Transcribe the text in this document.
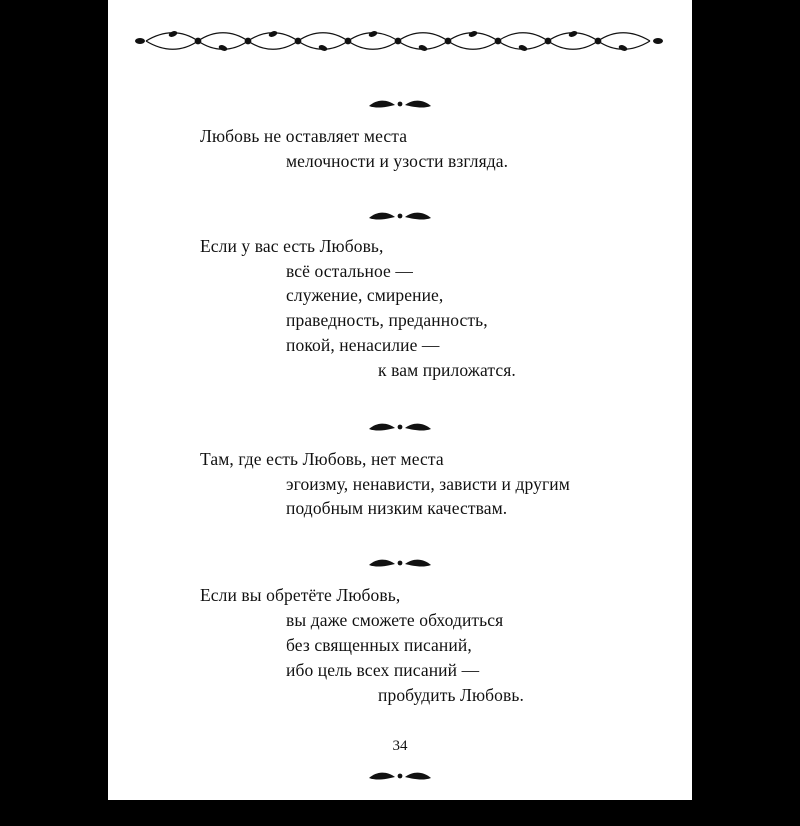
Любовь не оставляет места
мелочности и узости взгляда.
Если у вас есть Любовь,
всё остальное —
служение, смирение,
праведность, преданность,
покой, ненасилие —
к вам приложатся.
Там, где есть Любовь, нет места
эгоизму, ненависти, зависти и другим
подобным низким качествам.
Если вы обретёте Любовь,
вы даже сможете обходиться
без священных писаний,
ибо цель всех писаний —
пробудить Любовь.
34
